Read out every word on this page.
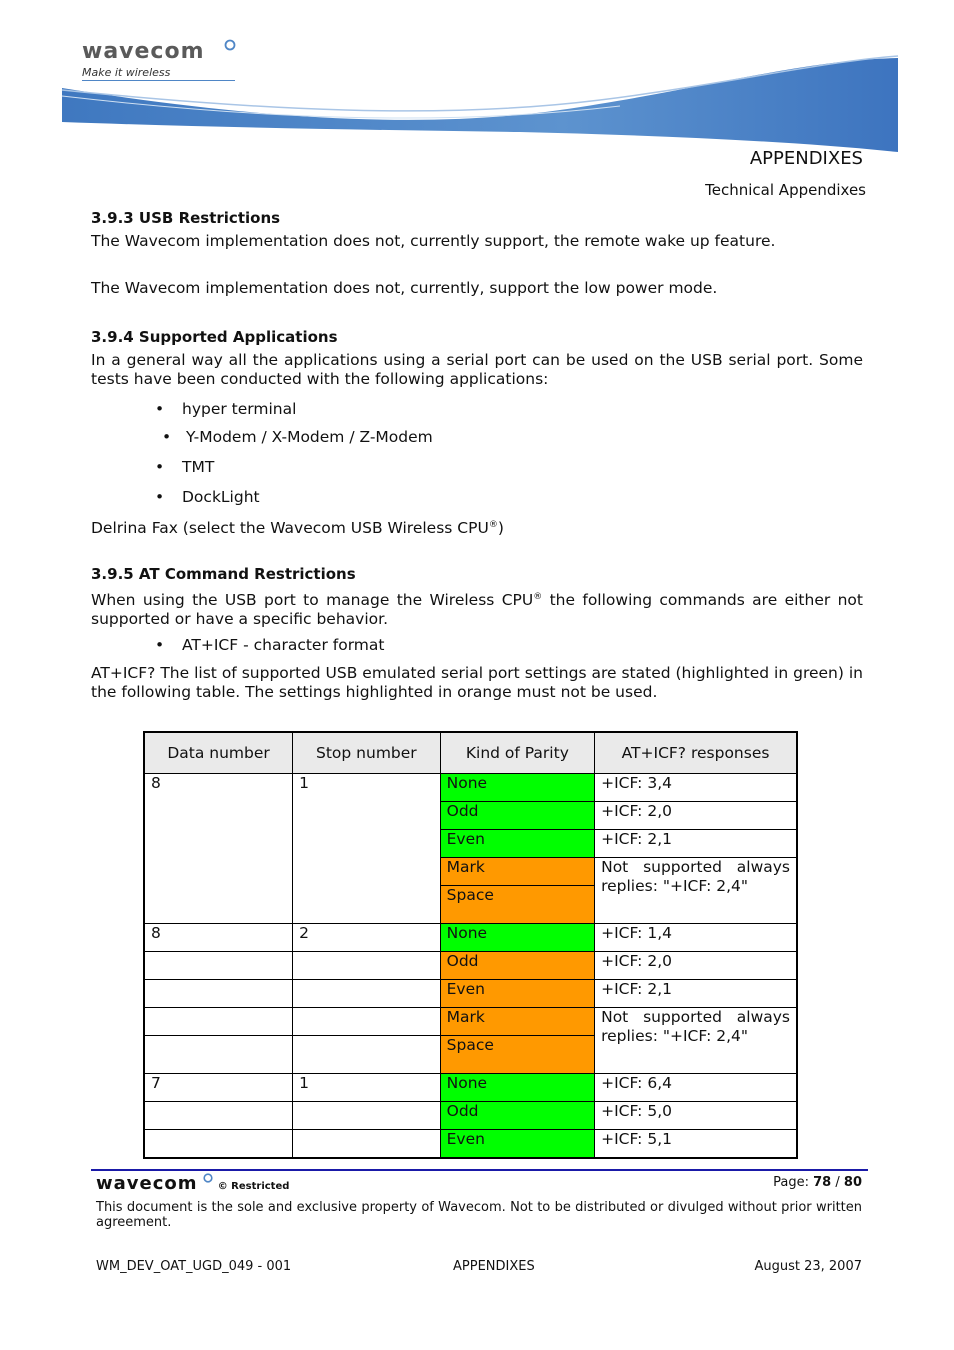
wavecom
Make it wireless
APPENDIXES
Technical Appendixes
3.9.3 USB Restrictions
The Wavecom implementation does not, currently support, the remote wake up feature.
The Wavecom implementation does not, currently, support the low power mode.
3.9.4 Supported Applications
In a general way all the applications using a serial port can be used on the USB serial port. Some tests have been conducted with the following applications:
• hyper terminal
• Y-Modem / X-Modem / Z-Modem
• TMT
• DockLight
Delrina Fax (select the Wavecom USB Wireless CPU®)
3.9.5 AT Command Restrictions
When using the USB port to manage the Wireless CPU® the following commands are either not supported or have a specific behavior.
• AT+ICF - character format
AT+ICF? The list of supported USB emulated serial port settings are stated (highlighted in green) in the following table. The settings highlighted in orange must not be used.
Data number	Stop number	Kind of Parity	AT+ICF? responses
8	1	None	+ICF: 3,4
		Odd	+ICF: 2,0
		Even	+ICF: 2,1
		Mark	Not supported always replies: "+ICF: 2,4"
		Space	
8	2	None	+ICF: 1,4
		Odd	+ICF: 2,0
		Even	+ICF: 2,1
		Mark	Not supported always replies: "+ICF: 2,4"
		Space	
7	1	None	+ICF: 6,4
		Odd	+ICF: 5,0
		Even	+ICF: 5,1
wavecom © Restricted	Page: 78 / 80
This document is the sole and exclusive property of Wavecom. Not to be distributed or divulged without prior written agreement.
WM_DEV_OAT_UGD_049 - 001	APPENDIXES	August 23, 2007
